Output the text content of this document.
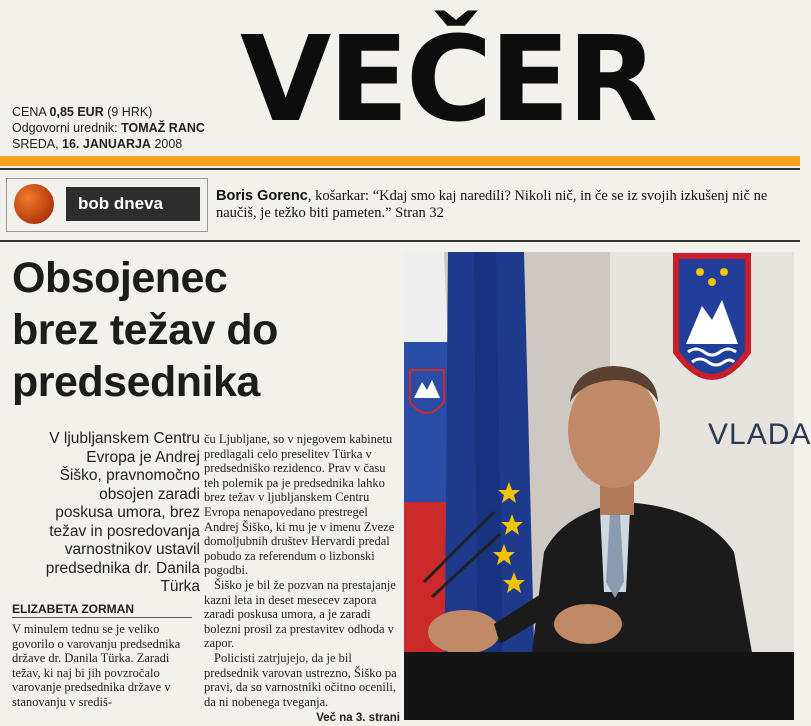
CENA 0,85 EUR (9 HRK)
Odgovorni urednik: TOMAŽ RANC
SREDA, 16. JANUARJA 2008 VEČER
bob dneva	Boris Gorenc, košarkar: “Kdaj smo kaj naredili? Nikoli nič, in če se iz svojih izkušenj nič ne naučiš, je težko biti pameten.” Stran 32
Obsojenec
brez težav do
predsednika
V ljubljanskem Centru Evropa je Andrej Šiško, pravnomočno obsojen zaradi poskusa umora, brez težav in posredovanja varnostnikov ustavil predsednika dr. Danila Türka
ELIZABETA ZORMAN
V minulem tednu se je veliko govorilo o varovanju predsednika države dr. Danila Türka. Zaradi težav, ki naj bi jih povzročalo varovanje predsednika države v stanovanju v središ-

ču Ljubljane, so v njegovem kabinetu predlagali celo preselitev Türka v predsedniško rezidenco. Prav v času teh polemik pa je predsednika lahko brez težav v ljubljanskem Centru Evropa nenapovedano prestregel Andrej Šiško, ki mu je v imenu Zveze domoljubnih društev Hervardi predal pobudo za referendum o lizbonski pogodbi.

Šiško je bil že pozvan na prestajanje kazni leta in deset mesecev zapora zaradi poskusa umora, a je zaradi bolezni prosil za prestavitev odhoda v zapor.

Policisti zatrjujejo, da je bil predsednik varovan ustrezno, Šiško pa pravi, da so varnostniki očitno ocenili, da ni nobenega tveganja.

Več na 3. strani

VLADA
